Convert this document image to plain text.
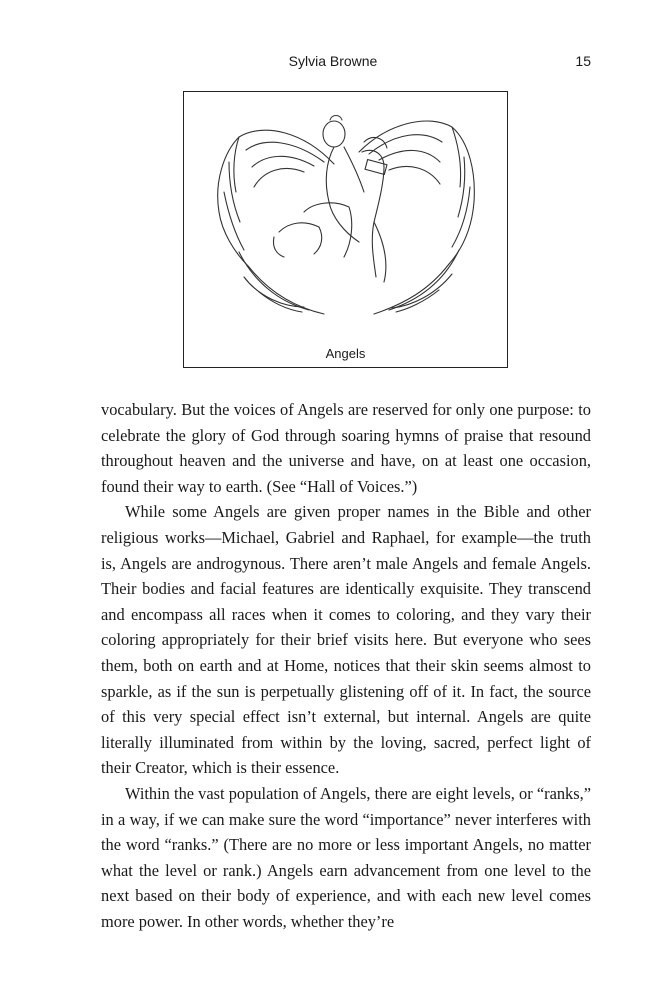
Sylvia Browne	15
Angels

vocabulary. But the voices of Angels are reserved for only one purpose: to celebrate the glory of God through soaring hymns of praise that resound throughout heaven and the universe and have, on at least one occasion, found their way to earth. (See “Hall of Voices.”)

While some Angels are given proper names in the Bible and other religious works—Michael, Gabriel and Raphael, for example—the truth is, Angels are androgynous. There aren’t male Angels and female Angels. Their bodies and facial features are identically exquisite. They transcend and encompass all races when it comes to coloring, and they vary their coloring appropriately for their brief visits here. But everyone who sees them, both on earth and at Home, notices that their skin seems almost to sparkle, as if the sun is perpetually glistening off of it. In fact, the source of this very special effect isn’t external, but internal. Angels are quite literally illuminated from within by the loving, sacred, perfect light of their Creator, which is their essence.

Within the vast population of Angels, there are eight levels, or “ranks,” in a way, if we can make sure the word “importance” never interferes with the word “ranks.” (There are no more or less important Angels, no matter what the level or rank.) Angels earn advancement from one level to the next based on their body of experience, and with each new level comes more power. In other words, whether they’re
